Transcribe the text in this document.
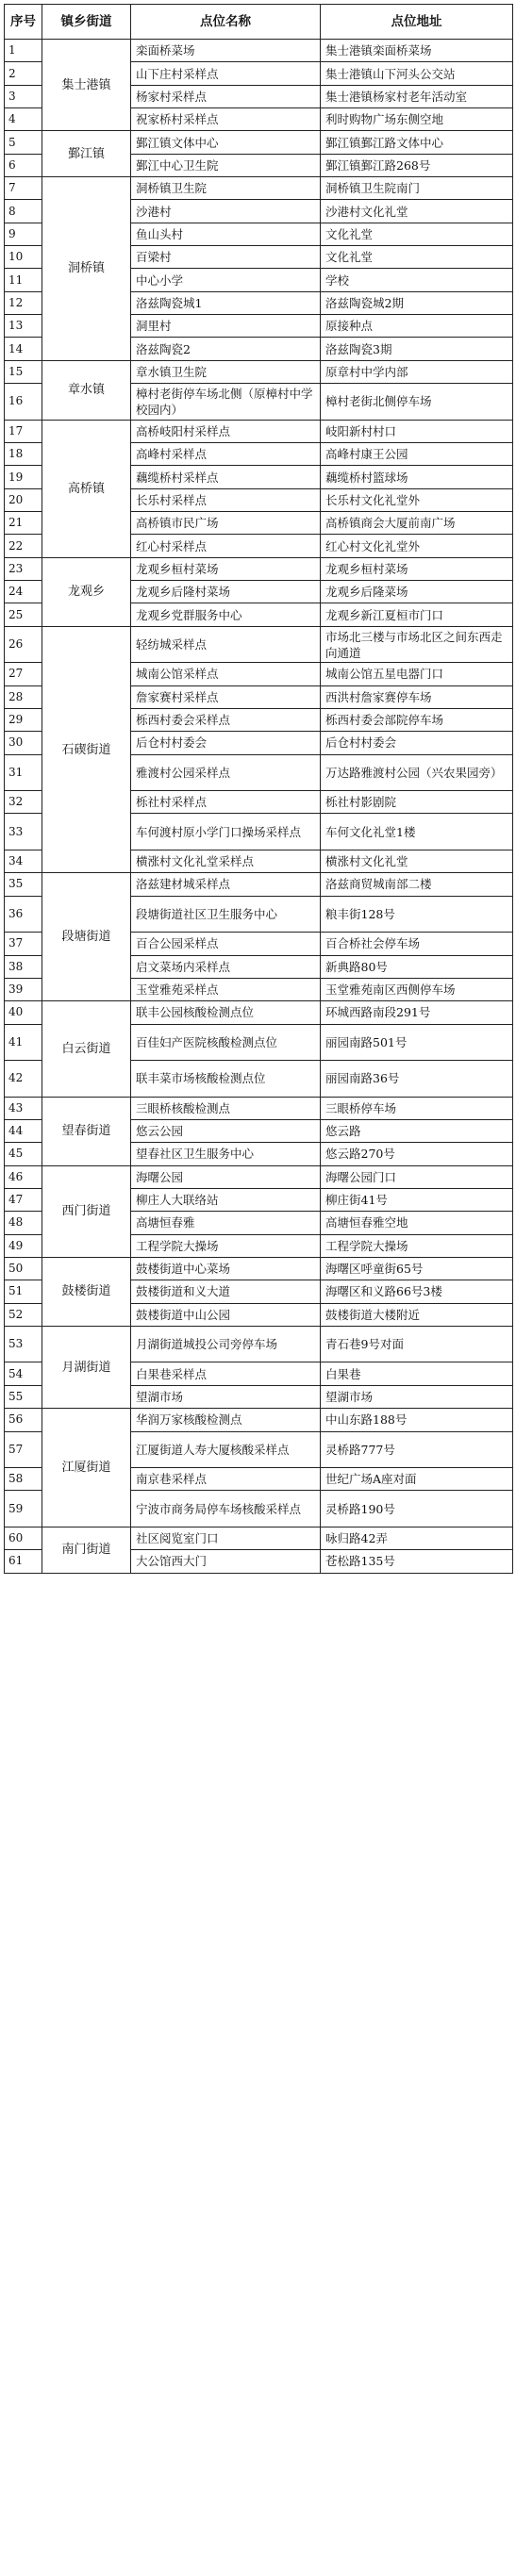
序号	镇乡街道	点位名称	点位地址
1	集士港镇	栾面桥菜场	集士港镇栾面桥菜场
2		山下庄村采样点	集士港镇山下河头公交站
3		杨家村采样点	集士港镇杨家村老年活动室
4		祝家桥村采样点	利时购物广场东侧空地
5	鄞江镇	鄞江镇文体中心	鄞江镇鄞江路文体中心
6		鄞江中心卫生院	鄞江镇鄞江路268号
7	洞桥镇	洞桥镇卫生院	洞桥镇卫生院南门
8		沙港村	沙港村文化礼堂
9		鱼山头村	文化礼堂
10		百梁村	文化礼堂
11		中心小学	学校
12		洛兹陶瓷城1	洛兹陶瓷城2期
13		洞里村	原接种点
14		洛兹陶瓷2	洛兹陶瓷3期
15	章水镇	章水镇卫生院	原章村中学内部
16		樟村老街停车场北侧（原樟村中学校园内）	樟村老街北侧停车场
17	高桥镇	高桥岐阳村采样点	岐阳新村村口
18		高峰村采样点	高峰村康王公园
19		藕缆桥村采样点	藕缆桥村篮球场
20		长乐村采样点	长乐村文化礼堂外
21		高桥镇市民广场	高桥镇商会大厦前南广场
22		红心村采样点	红心村文化礼堂外
23	龙观乡	龙观乡桓村菜场	龙观乡桓村菜场
24		龙观乡后隆村菜场	龙观乡后隆菜场
25		龙观乡党群服务中心	龙观乡新江夏桓市门口
26	石碶街道	轻纺城采样点	市场北三楼与市场北区之间东西走向通道
27		城南公馆采样点	城南公馆五星电器门口
28		詹家赛村采样点	西洪村詹家赛停车场
29		栎西村委会采样点	栎西村委会部院停车场
30		后仓村村委会	后仓村村委会
31		雅渡村公园采样点	万达路雅渡村公园（兴农果园旁）
32		栎社村采样点	栎社村影剧院
33		车何渡村原小学门口操场采样点	车何文化礼堂1楼
34		横涨村文化礼堂采样点	横涨村文化礼堂
35	段塘街道	洛兹建材城采样点	洛兹商贸城南部二楼
36		段塘街道社区卫生服务中心	粮丰街128号
37		百合公园采样点	百合桥社会停车场
38		启文菜场内采样点	新典路80号
39		玉堂雅苑采样点	玉堂雅苑南区西侧停车场
40	白云街道	联丰公园核酸检测点位	环城西路南段291号
41		百佳妇产医院核酸检测点位	丽园南路501号
42		联丰菜市场核酸检测点位	丽园南路36号
43	望春街道	三眼桥核酸检测点	三眼桥停车场
44		悠云公园	悠云路
45		望春社区卫生服务中心	悠云路270号
46	西门街道	海曙公园	海曙公园门口
47		柳庄人大联络站	柳庄街41号
48		高塘恒春雅	高塘恒春雅空地
49		工程学院大操场	工程学院大操场
50	鼓楼街道	鼓楼街道中心菜场	海曙区呼童街65号
51		鼓楼街道和义大道	海曙区和义路66号3楼
52		鼓楼街道中山公园	鼓楼街道大楼附近
53	月湖街道	月湖街道城投公司旁停车场	青石巷9号对面
54		白果巷采样点	白果巷
55		望湖市场	望湖市场
56	江厦街道	华润万家核酸检测点	中山东路188号
57		江厦街道人寿大厦核酸采样点	灵桥路777号
58		南京巷采样点	世纪广场A座对面
59		宁波市商务局停车场核酸采样点	灵桥路190号
60	南门街道	社区阅览室门口	咏归路42弄
61		大公馆西大门	苍松路135号
